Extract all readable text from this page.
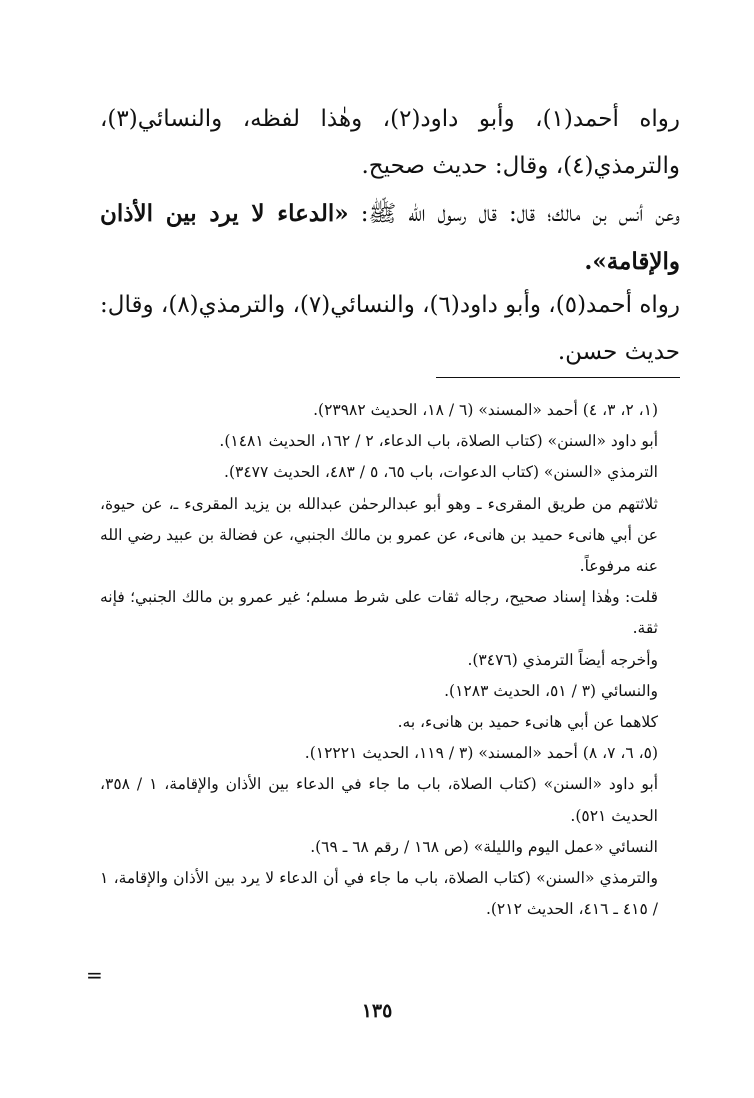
رواه أحمد(١)، وأبو داود(٢)، وهٰذا لفظه، والنسائي(٣)، والترمذي(٤)، وقال: حديث صحيح.

وعن أنس بن مالك؛ قال: قال رسول الله ﷺ: «الدعاء لا يرد بين الأذان والإقامة».

رواه أحمد(٥)، وأبو داود(٦)، والنسائي(٧)، والترمذي(٨)، وقال: حديث حسن.

(١، ٢، ٣، ٤) أحمد «المسند» (٦ / ١٨، الحديث ٢٣٩٨٢).

أبو داود «السنن» (كتاب الصلاة، باب الدعاء، ٢ / ١٦٢، الحديث ١٤٨١).

الترمذي «السنن» (كتاب الدعوات، باب ٦٥، ٥ / ٤٨٣، الحديث ٣٤٧٧).

ثلاثتهم من طريق المقرىء ـ وهو أبو عبدالرحمٰن عبدالله بن يزيد المقرىء ـ، عن حيوة، عن أبي هانىء حميد بن هانىء، عن عمرو بن مالك الجنبي، عن فضالة بن عبيد رضي الله عنه مرفوعاً.

قلت: وهٰذا إسناد صحيح، رجاله ثقات على شرط مسلم؛ غير عمرو بن مالك الجنبي؛ فإنه ثقة.

وأخرجه أيضاً الترمذي (٣٤٧٦).

والنسائي (٣ / ٥١، الحديث ١٢٨٣).

كلاهما عن أبي هانىء حميد بن هانىء، به.

(٥، ٦، ٧، ٨) أحمد «المسند» (٣ / ١١٩، الحديث ١٢٢٢١).

أبو داود «السنن» (كتاب الصلاة، باب ما جاء في الدعاء بين الأذان والإقامة، ١ / ٣٥٨، الحديث ٥٢١).

النسائي «عمل اليوم والليلة» (ص ١٦٨ / رقم ٦٨ ـ ٦٩).

والترمذي «السنن» (كتاب الصلاة، باب ما جاء في أن الدعاء لا يرد بين الأذان والإقامة، ١ / ٤١٥ ـ ٤١٦، الحديث ٢١٢).

=
١٣٥
